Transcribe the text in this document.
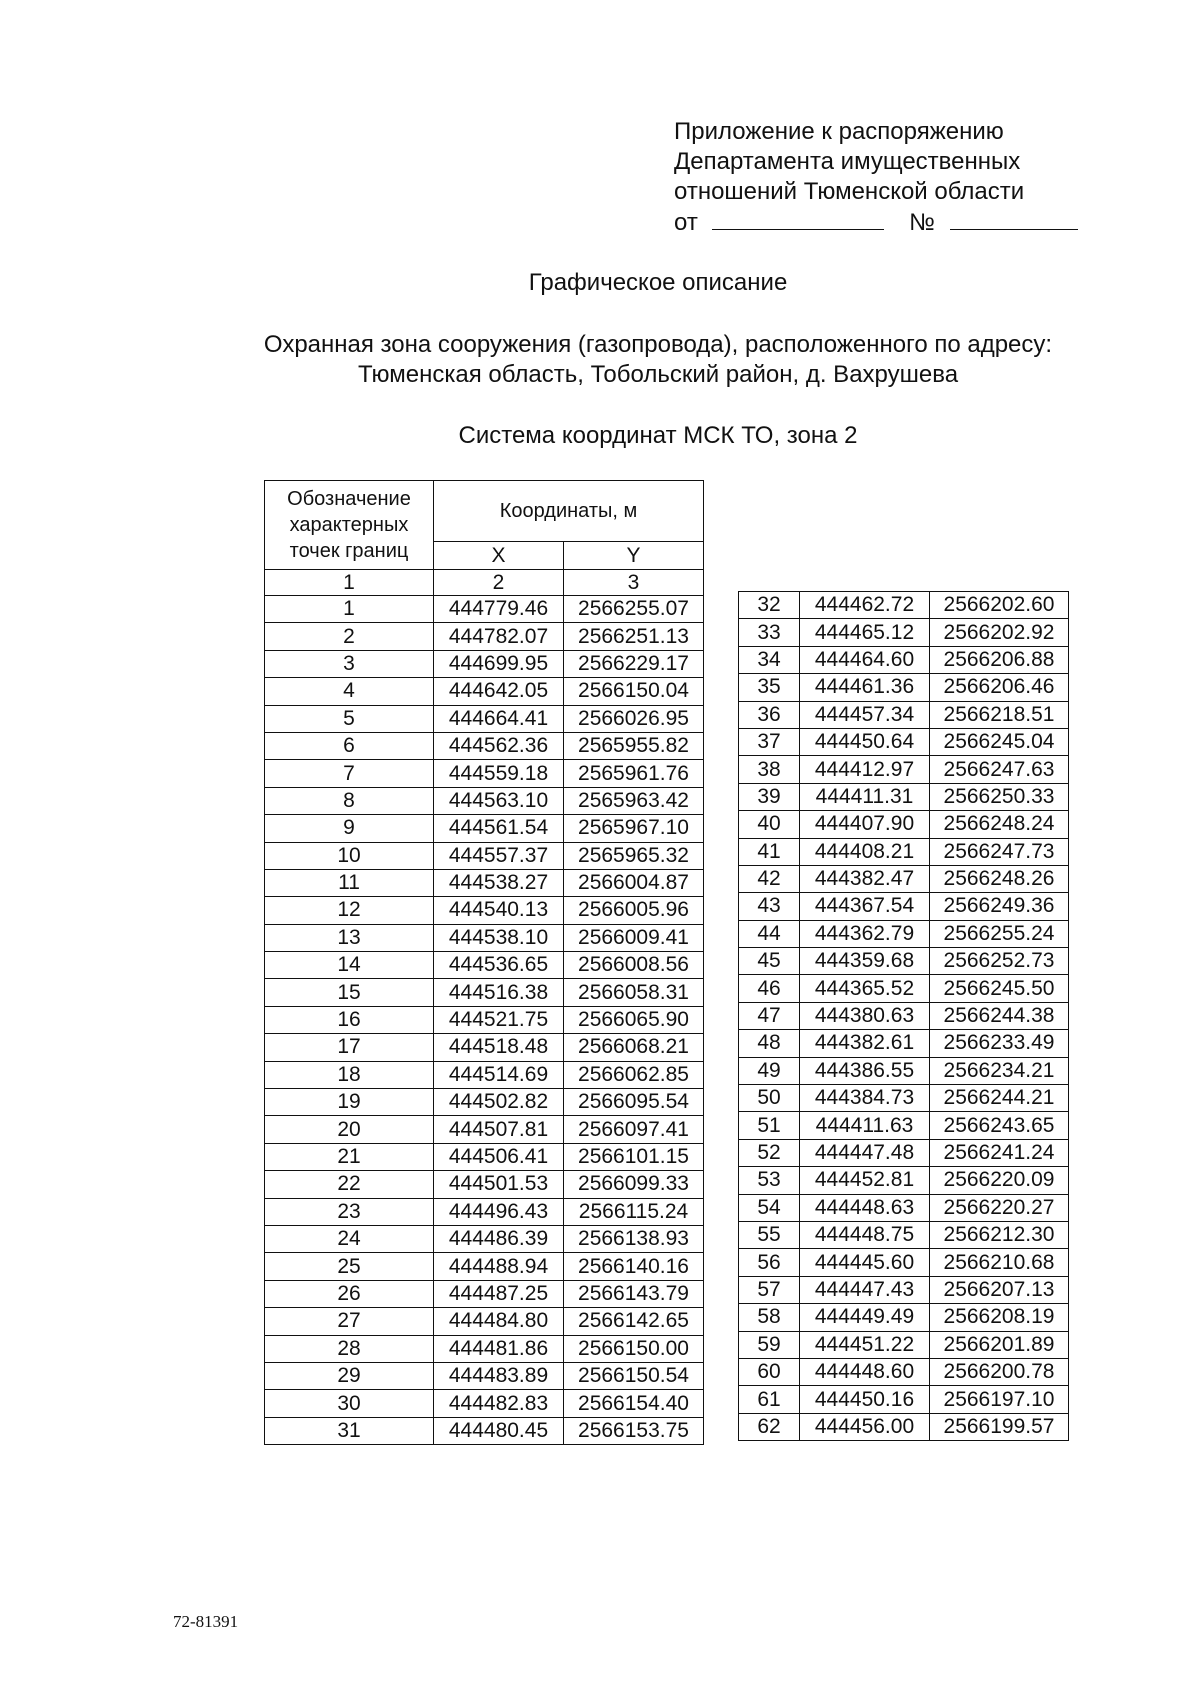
Приложение к распоряжению
Департамента имущественных
отношений Тюменской области
от	№
Графическое описание
Охранная зона сооружения (газопровода), расположенного по адресу:
Тюменская область, Тобольский район, д. Вахрушева
Система координат МСК ТО, зона 2
Обозначение характерных точек границ	Координаты, м	
	X	Y
1	2	3
1	444779.46	2566255.07
2	444782.07	2566251.13
3	444699.95	2566229.17
4	444642.05	2566150.04
5	444664.41	2566026.95
6	444562.36	2565955.82
7	444559.18	2565961.76
8	444563.10	2565963.42
9	444561.54	2565967.10
10	444557.37	2565965.32
11	444538.27	2566004.87
12	444540.13	2566005.96
13	444538.10	2566009.41
14	444536.65	2566008.56
15	444516.38	2566058.31
16	444521.75	2566065.90
17	444518.48	2566068.21
18	444514.69	2566062.85
19	444502.82	2566095.54
20	444507.81	2566097.41
21	444506.41	2566101.15
22	444501.53	2566099.33
23	444496.43	2566115.24
24	444486.39	2566138.93
25	444488.94	2566140.16
26	444487.25	2566143.79
27	444484.80	2566142.65
28	444481.86	2566150.00
29	444483.89	2566150.54
30	444482.83	2566154.40
31	444480.45	2566153.75
32	444462.72	2566202.60
33	444465.12	2566202.92
34	444464.60	2566206.88
35	444461.36	2566206.46
36	444457.34	2566218.51
37	444450.64	2566245.04
38	444412.97	2566247.63
39	444411.31	2566250.33
40	444407.90	2566248.24
41	444408.21	2566247.73
42	444382.47	2566248.26
43	444367.54	2566249.36
44	444362.79	2566255.24
45	444359.68	2566252.73
46	444365.52	2566245.50
47	444380.63	2566244.38
48	444382.61	2566233.49
49	444386.55	2566234.21
50	444384.73	2566244.21
51	444411.63	2566243.65
52	444447.48	2566241.24
53	444452.81	2566220.09
54	444448.63	2566220.27
55	444448.75	2566212.30
56	444445.60	2566210.68
57	444447.43	2566207.13
58	444449.49	2566208.19
59	444451.22	2566201.89
60	444448.60	2566200.78
61	444450.16	2566197.10
62	444456.00	2566199.57
72-81391
